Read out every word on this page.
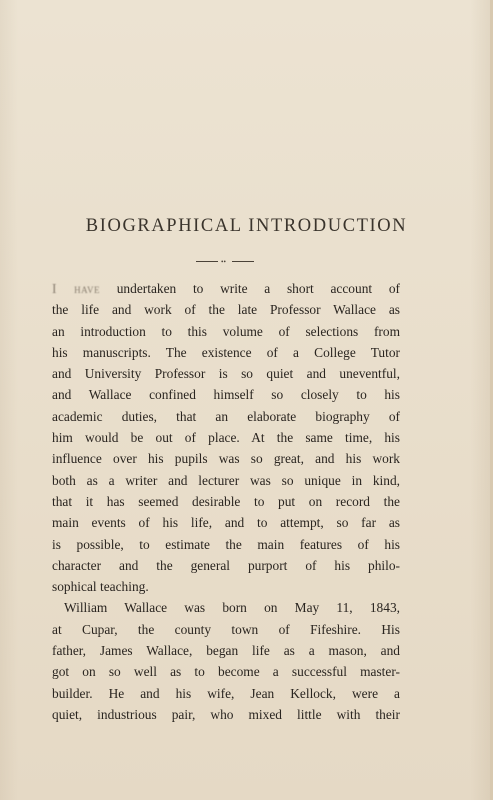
BIOGRAPHICAL INTRODUCTION
••
I have undertaken to write a short account of
the life and work of the late Professor Wallace as
an introduction to this volume of selections from
his manuscripts. The existence of a College Tutor
and University Professor is so quiet and uneventful,
and Wallace confined himself so closely to his
academic duties, that an elaborate biography of
him would be out of place. At the same time, his
influence over his pupils was so great, and his work
both as a writer and lecturer was so unique in kind,
that it has seemed desirable to put on record the
main events of his life, and to attempt, so far as
is possible, to estimate the main features of his
character and the general purport of his philo-
sophical teaching.
William Wallace was born on May 11, 1843,
at Cupar, the county town of Fifeshire. His
father, James Wallace, began life as a mason, and
got on so well as to become a successful master-
builder. He and his wife, Jean Kellock, were a
quiet, industrious pair, who mixed little with their
